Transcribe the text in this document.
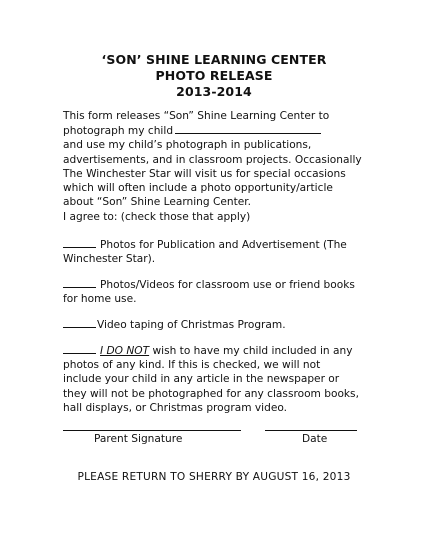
‘SON’ SHINE LEARNING CENTER
PHOTO RELEASE
2013-2014
This form releases “Son” Shine Learning Center to
photograph my child
and use my child’s photograph in publications,
advertisements, and in classroom projects. Occasionally
The Winchester Star will visit us for special occasions
which will often include a photo opportunity/article
about “Son” Shine Learning Center.
I agree to: (check those that apply)
Photos for Publication and Advertisement (The
Winchester Star).
Photos/Videos for classroom use or friend books
for home use.
Video taping of Christmas Program.
I DO NOT wish to have my child included in any
photos of any kind. If this is checked, we will not
include your child in any article in the newspaper or
they will not be photographed for any classroom books,
hall displays, or Christmas program video.
Parent Signature	Date
PLEASE RETURN TO SHERRY BY AUGUST 16, 2013
